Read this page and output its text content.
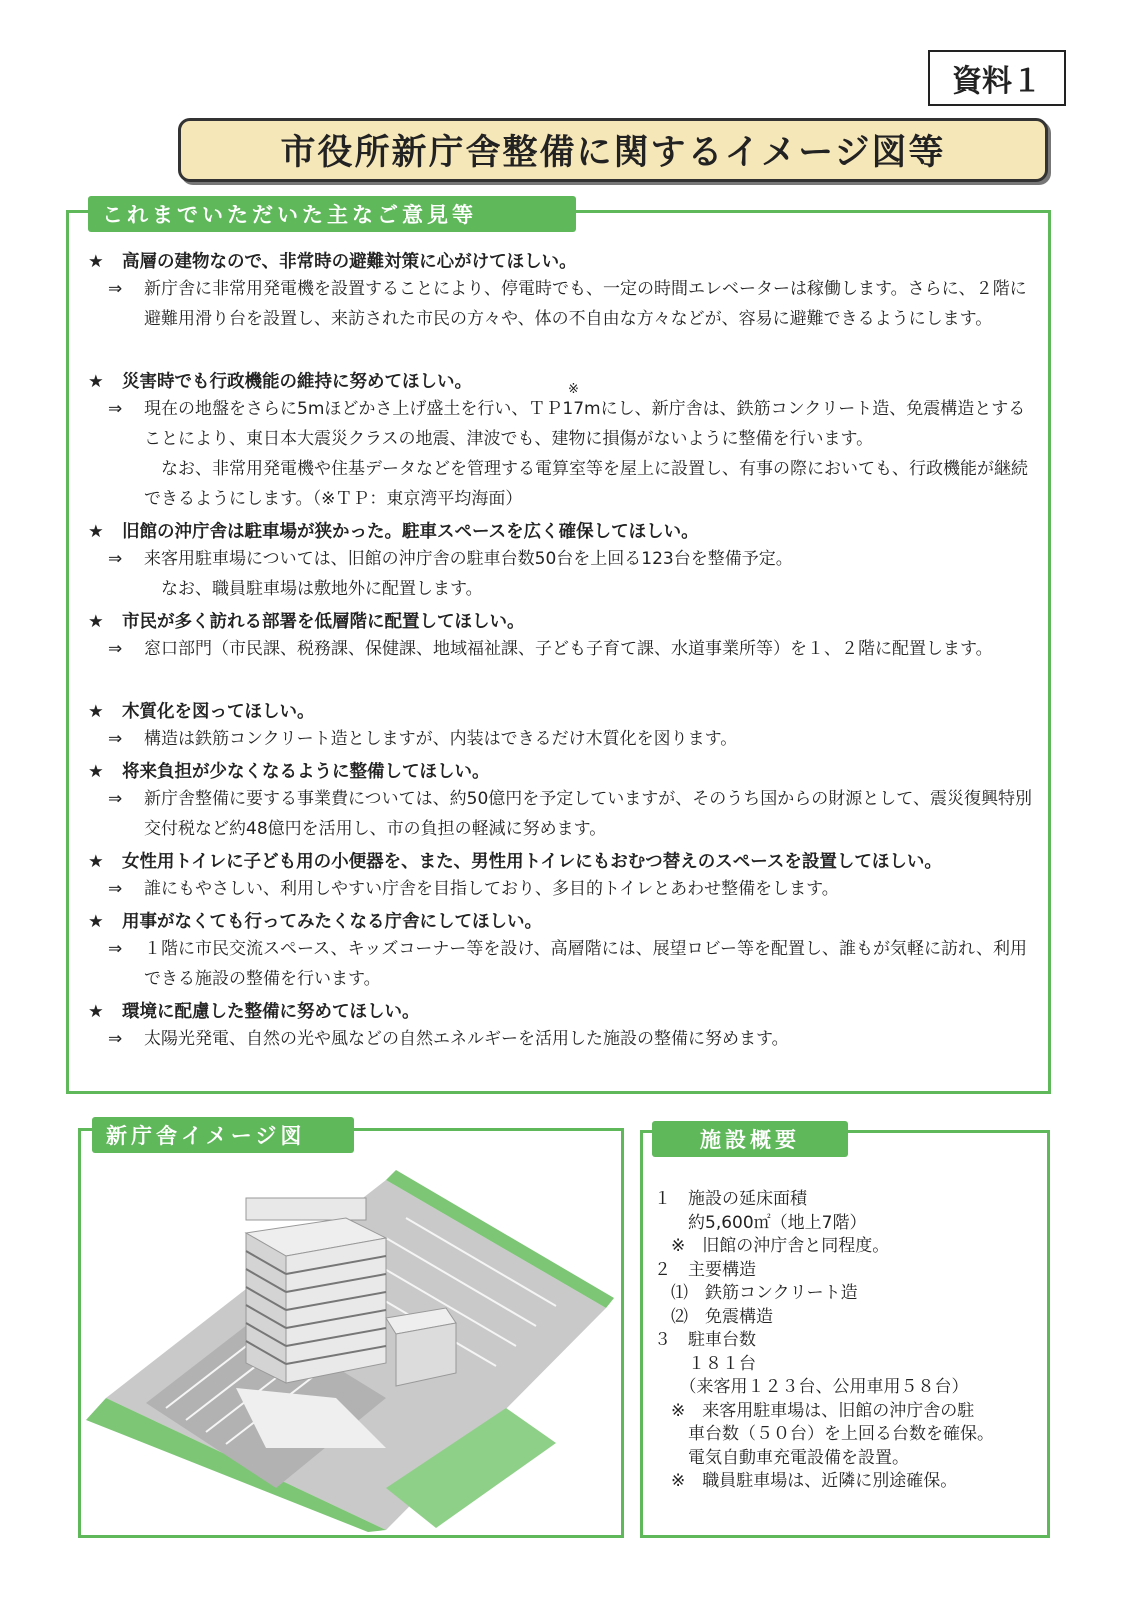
資料１
市役所新庁舎整備に関するイメージ図等
これまでいただいた主なご意見等
※
★ 高層の建物なので、非常時の避難対策に心がけてほしい。
⇒ 新庁舎に非常用発電機を設置することにより、停電時でも、一定の時間エレベーターは稼働します。さらに、２階に避難用滑り台を設置し、来訪された市民の方々や、体の不自由な方々などが、容易に避難できるようにします。

★ 災害時でも行政機能の維持に努めてほしい。
⇒ 現在の地盤をさらに5mほどかさ上げ盛土を行い、ＴＰ17mにし、新庁舎は、鉄筋コンクリート造、免震構造とすることにより、東日本大震災クラスの地震、津波でも、建物に損傷がないように整備を行います。

なお、非常用発電機や住基データなどを管理する電算室等を屋上に設置し、有事の際においても、行政機能が継続できるようにします。（※ＴＰ：東京湾平均海面）

★ 旧館の沖庁舎は駐車場が狭かった。駐車スペースを広く確保してほしい。
⇒ 来客用駐車場については、旧館の沖庁舎の駐車台数50台を上回る123台を整備予定。

なお、職員駐車場は敷地外に配置します。

★ 市民が多く訪れる部署を低層階に配置してほしい。
⇒ 窓口部門（市民課、税務課、保健課、地域福祉課、子ども子育て課、水道事業所等）を１、２階に配置します。

★ 木質化を図ってほしい。
⇒ 構造は鉄筋コンクリート造としますが、内装はできるだけ木質化を図ります。

★ 将来負担が少なくなるように整備してほしい。
⇒ 新庁舎整備に要する事業費については、約50億円を予定していますが、そのうち国からの財源として、震災復興特別交付税など約48億円を活用し、市の負担の軽減に努めます。

★ 女性用トイレに子ども用の小便器を、また、男性用トイレにもおむつ替えのスペースを設置してほしい。
⇒ 誰にもやさしい、利用しやすい庁舎を目指しており、多目的トイレとあわせ整備をします。

★ 用事がなくても行ってみたくなる庁舎にしてほしい。
⇒ １階に市民交流スペース、キッズコーナー等を設け、高層階には、展望ロビー等を配置し、誰もが気軽に訪れ、利用できる施設の整備を行います。

★ 環境に配慮した整備に努めてほしい。
⇒ 太陽光発電、自然の光や風などの自然エネルギーを活用した施設の整備に努めます。

新庁舎イメージ図	施設概要
１　施設の延床面積
　　約5,600㎡（地上7階）
　※　旧館の沖庁舎と同程度。
２　主要構造
　⑴　鉄筋コンクリート造
　⑵　免震構造
３　駐車台数
　　１８１台
　　（来客用１２３台、公用車用５８台）
　※　来客用駐車場は、旧館の沖庁舎の駐
　　車台数（５０台）を上回る台数を確保。
　　電気自動車充電設備を設置。
　※　職員駐車場は、近隣に別途確保。
